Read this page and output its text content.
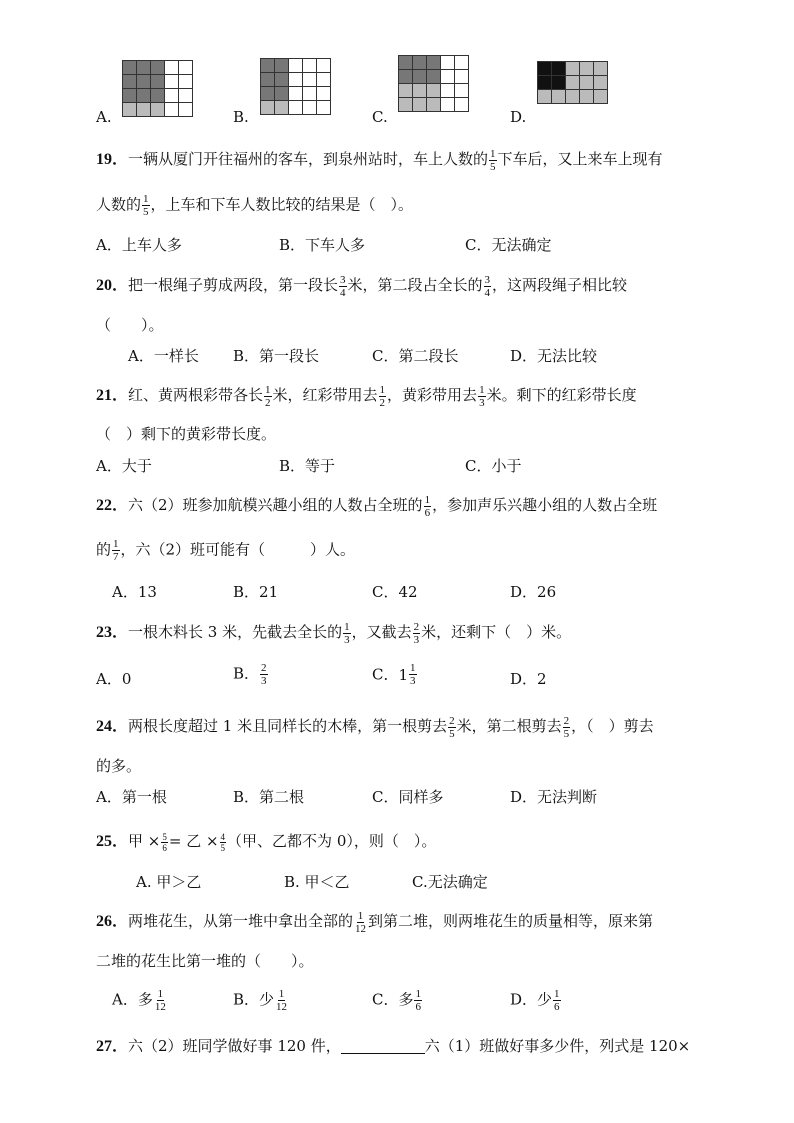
A.

					B.

					C.

					D.

19．一辆从厦门开往福州的客车，到泉州站时，车上人数的 $\frac{1}{5}$ 下车后，又上来车上现有
人数的 $\frac{1}{5}$ ，上车和下车人数比较的结果是（　）。
A．上车人多	B．下车人多	C．无法确定
20．把一根绳子剪成两段，第一段长 $\frac{3}{4}$ 米，第二段占全长的 $\frac{3}{4}$ ，这两段绳子相比较
（　　）。
A．一样长 B．第一段长	C．第二段长	D．无法比较
21．红、黄两根彩带各长 $\frac{1}{2}$ 米，红彩带用去 $\frac{1}{2}$ ，黄彩带用去 $\frac{1}{3}$ 米。剩下的红彩带长度
（　）剩下的黄彩带长度。
A．大于	B．等于	C．小于
22．六（2）班参加航模兴趣小组的人数占全班的 $\frac{1}{6}$ ，参加声乐兴趣小组的人数占全班
的 $\frac{1}{7}$ ，六（2）班可能有（　　　）人。
A．13	B．21	C．42	D．26
23．一根木料长 3 米，先截去全长的 $\frac{1}{3}$ ，又截去 $\frac{2}{3}$ 米，还剩下（　）米。
A．0	B． $\frac{2}{3}$	C． $1 \frac{1}{3}$	D．2
24．两根长度超过 1 米且同样长的木棒，第一根剪去 $\frac{2}{5}$ 米，第二根剪去 $\frac{2}{5}$ ，（　）剪去
的多。
A．第一根	B．第二根	C．同样多	D．无法判断
25．甲 × $\frac{5}{6}$ = 乙 × $\frac{4}{5}$ （甲、乙都不为 0），则（　）。
A. 甲＞乙	B. 甲＜乙	C.无法确定
26．两堆花生，从第一堆中拿出全部的 $\frac{1}{12}$ 到第二堆，则两堆花生的质量相等，原来第
二堆的花生比第一堆的（　　）。
A．多 $\frac{1}{12}$	B．少 $\frac{1}{12}$	C．多 $\frac{1}{6}$	D．少 $\frac{1}{6}$
27．六（2）班同学做好事 120 件，	六（1）班做好事多少件，列式是 120×
